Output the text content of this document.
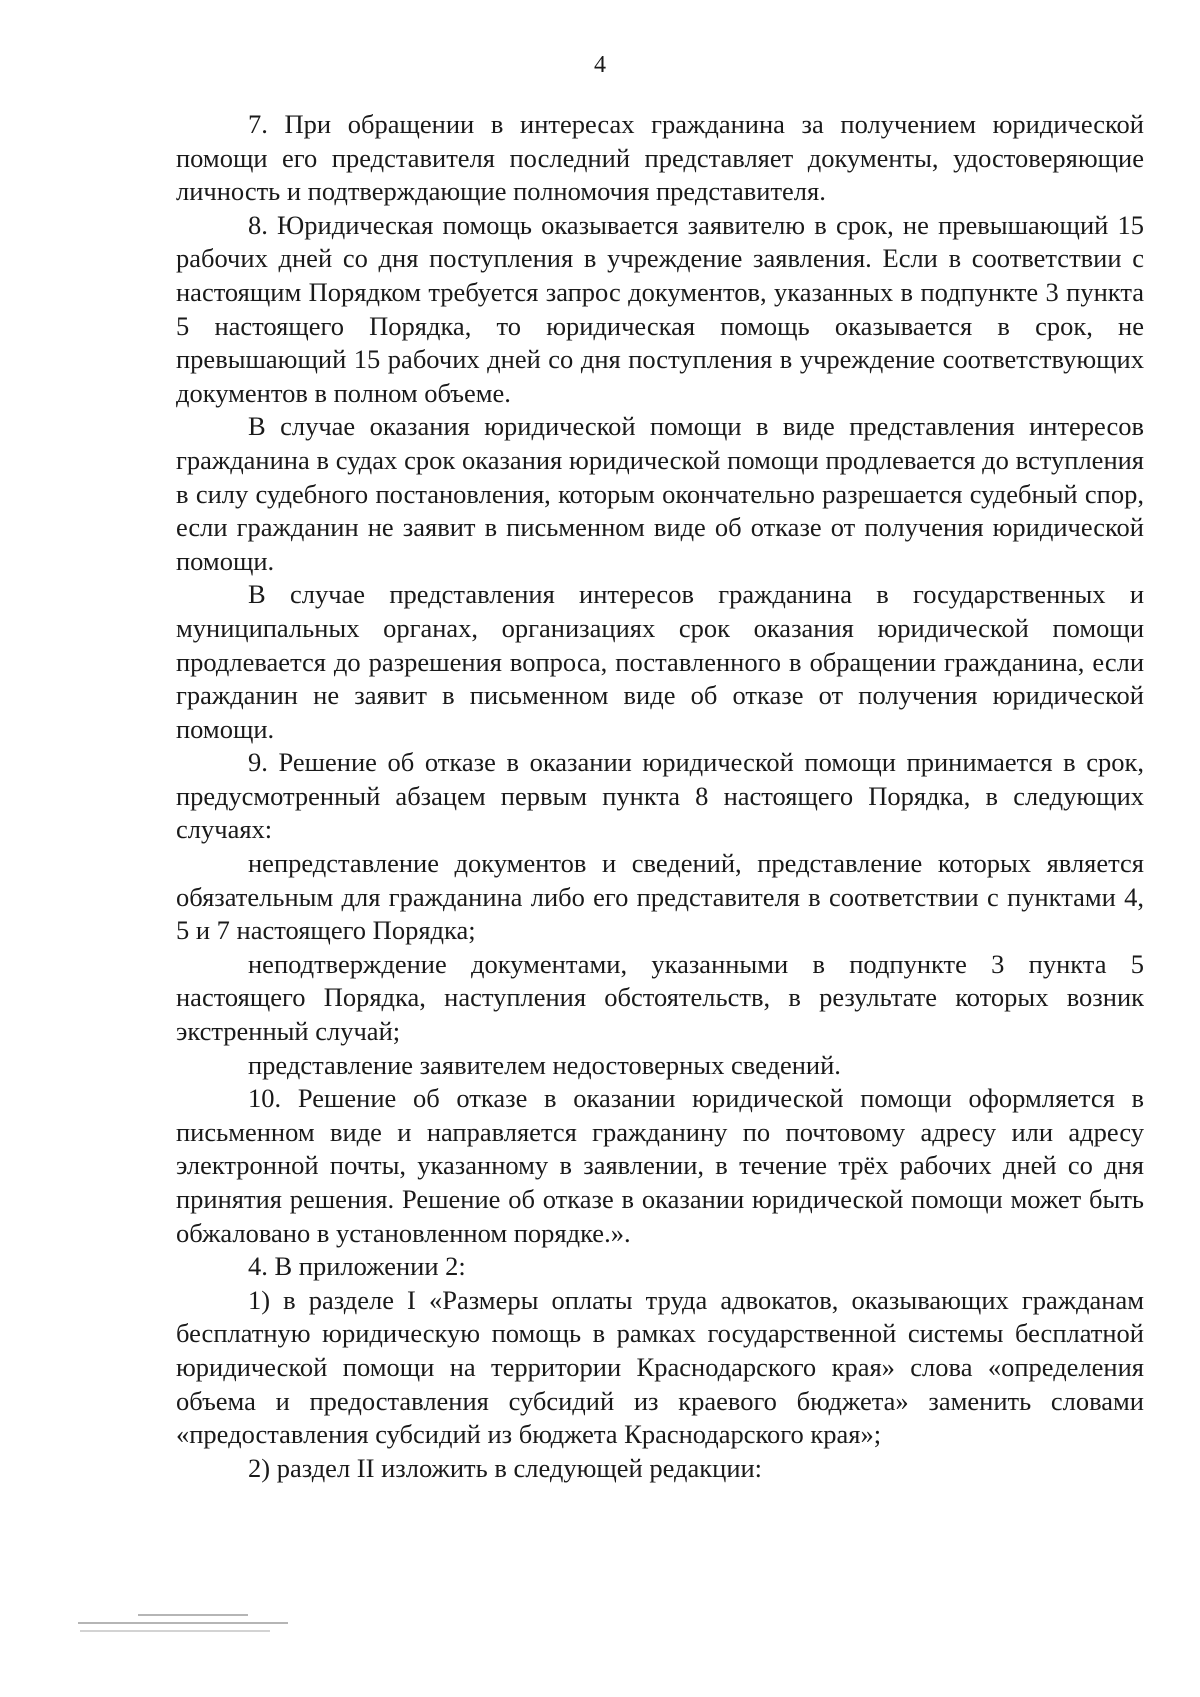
4

7. При обращении в интересах гражданина за получением юридической помощи его представителя последний представляет документы, удостоверяющие личность и подтверждающие полномочия представителя.

8. Юридическая помощь оказывается заявителю в срок, не превышающий 15 рабочих дней со дня поступления в учреждение заявления. Если в соответствии с настоящим Порядком требуется запрос документов, указанных в подпункте 3 пункта 5 настоящего Порядка, то юридическая помощь оказывается в срок, не превышающий 15 рабочих дней со дня поступления в учреждение соответствующих документов в полном объеме.

В случае оказания юридической помощи в виде представления интересов гражданина в судах срок оказания юридической помощи продлевается до вступления в силу судебного постановления, которым окончательно разрешается судебный спор, если гражданин не заявит в письменном виде об отказе от получения юридической помощи.

В случае представления интересов гражданина в государственных и муниципальных органах, организациях срок оказания юридической помощи продлевается до разрешения вопроса, поставленного в обращении гражданина, если гражданин не заявит в письменном виде об отказе от получения юридической помощи.

9. Решение об отказе в оказании юридической помощи принимается в срок, предусмотренный абзацем первым пункта 8 настоящего Порядка, в следующих случаях:

непредставление документов и сведений, представление которых является обязательным для гражданина либо его представителя в соответствии с пунктами 4, 5 и 7 настоящего Порядка;

неподтверждение документами, указанными в подпункте 3 пункта 5 настоящего Порядка, наступления обстоятельств, в результате которых возник экстренный случай;

представление заявителем недостоверных сведений.

10. Решение об отказе в оказании юридической помощи оформляется в письменном виде и направляется гражданину по почтовому адресу или адресу электронной почты, указанному в заявлении, в течение трёх рабочих дней со дня принятия решения. Решение об отказе в оказании юридической помощи может быть обжаловано в установленном порядке.».

4. В приложении 2:

1) в разделе I «Размеры оплаты труда адвокатов, оказывающих гражданам бесплатную юридическую помощь в рамках государственной системы бесплатной юридической помощи на территории Краснодарского края» слова «определения объема и предоставления субсидий из краевого бюджета» заменить словами «предоставления субсидий из бюджета Краснодарского края»;

2) раздел II изложить в следующей редакции:
